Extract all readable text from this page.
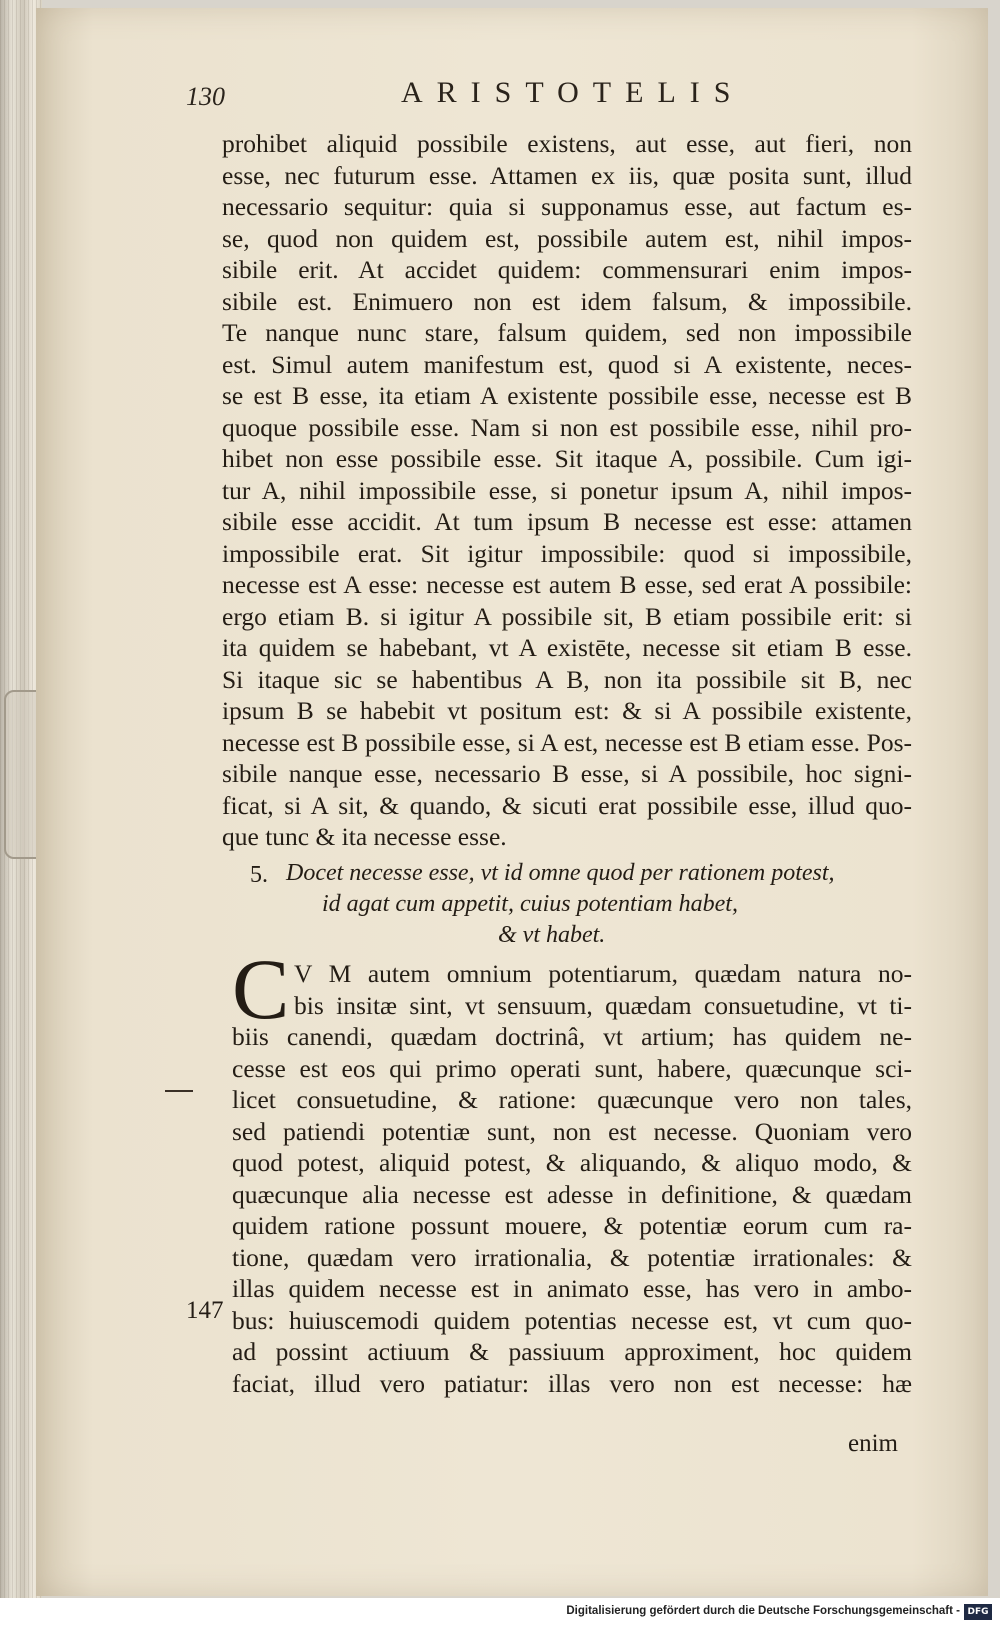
130	ARISTOTELIS
prohibet aliquid possibile existens, aut esse, aut fieri, non
esse, nec futurum esse. Attamen ex iis, quæ posita sunt, illud
necessario sequitur: quia si supponamus esse, aut factum es-
se, quod non quidem est, possibile autem est, nihil impos-
sibile erit. At accidet quidem: commensurari enim impos-
sibile est. Enimuero non est idem falsum, & impossibile.
Te nanque nunc stare, falsum quidem, sed non impossibile
est. Simul autem manifestum est, quod si A existente, neces-
se est B esse, ita etiam A existente possibile esse, necesse est B
quoque possibile esse. Nam si non est possibile esse, nihil pro-
hibet non esse possibile esse. Sit itaque A, possibile. Cum igi-
tur A, nihil impossibile esse, si ponetur ipsum A, nihil impos-
sibile esse accidit. At tum ipsum B necesse est esse: attamen
impossibile erat. Sit igitur impossibile: quod si impossibile,
necesse est A esse: necesse est autem B esse, sed erat A possibile:
ergo etiam B. si igitur A possibile sit, B etiam possibile erit: si
ita quidem se habebant, vt A existēte, necesse sit etiam B esse.
Si itaque sic se habentibus A B, non ita possibile sit B, nec
ipsum B se habebit vt positum est: & si A possibile existente,
necesse est B possibile esse, si A est, necesse est B etiam esse. Pos-
sibile nanque esse, necessario B esse, si A possibile, hoc signi-
ficat, si A sit, & quando, & sicuti erat possibile esse, illud quo-
que tunc & ita necesse esse.
5. Docet necesse esse, vt id omne quod per rationem potest,
id agat cum appetit, cuius potentiam habet,
& vt habet.
C V M autem omnium potentiarum, quædam natura no-
bis insitæ sint, vt sensuum, quædam consuetudine, vt ti-
biis canendi, quædam doctrinâ, vt artium; has quidem ne-
cesse est eos qui primo operati sunt, habere, quæcunque sci-
licet consuetudine, & ratione: quæcunque vero non tales,
sed patiendi potentiæ sunt, non est necesse. Quoniam vero
quod potest, aliquid potest, & aliquando, & aliquo modo, &
quæcunque alia necesse est adesse in definitione, & quædam
quidem ratione possunt mouere, & potentiæ eorum cum ra-
tione, quædam vero irrationalia, & potentiæ irrationales: &
illas quidem necesse est in animato esse, has vero in ambo-
bus: huiuscemodi quidem potentias necesse est, vt cum quo-
ad possint actiuum & passiuum approximent, hoc quidem
faciat, illud vero patiatur: illas vero non est necesse: hæ
147
enim
Digitalisierung gefördert durch die Deutsche Forschungsgemeinschaft - DFG
